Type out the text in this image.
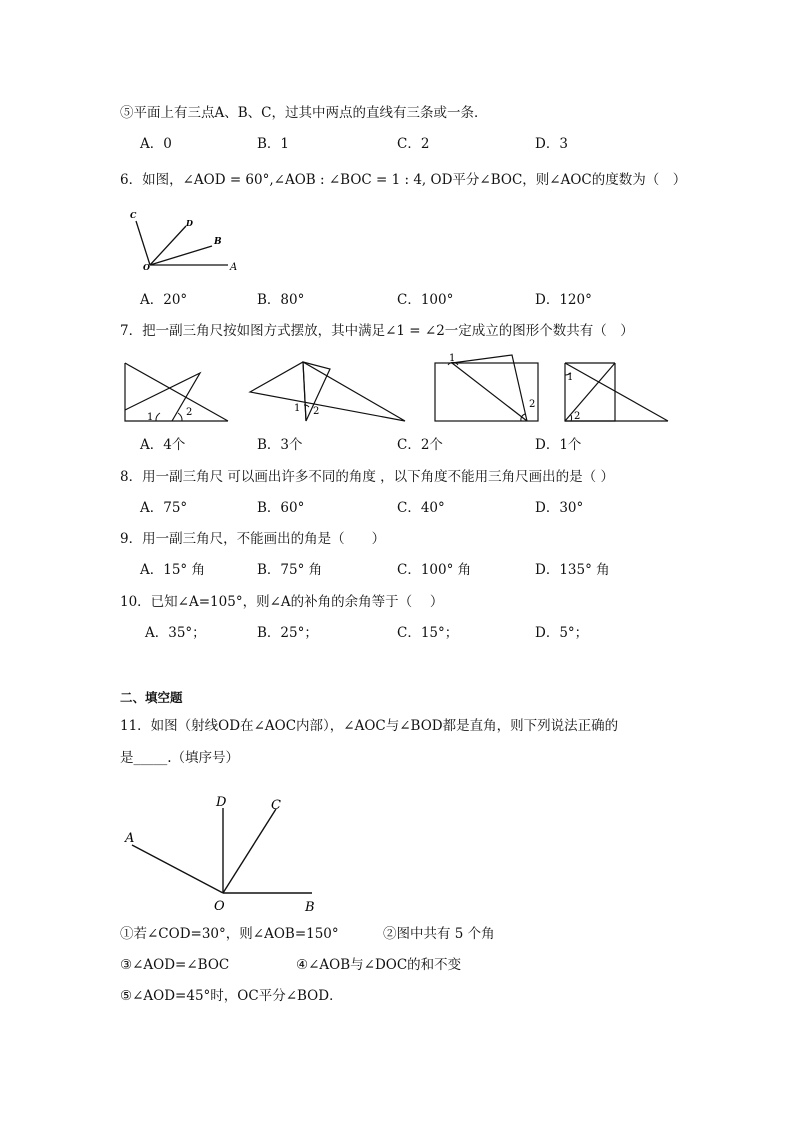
⑤平面上有三点A、B、C，过其中两点的直线有三条或一条．
A．0	B．1	C．2	D．3
6．如图，∠AOD = 60°,∠AOB : ∠BOC = 1 : 4, OD平分∠BOC，则∠AOC的度数为（　）
C
D
B
O	A
A．20°	B．80°	C．100°	D．120°
7．把一副三角尺按如图方式摆放，其中满足∠1 = ∠2一定成立的图形个数共有（　）
1	2	1 2
1
2
1
2
A．4个	B．3个	C．2个	D．1个
8．用一副三角尺 可以画出许多不同的角度 ，以下角度不能用三角尺画出的是（ ）
A．75°	B．60°	C．40°	D．30°
9．用一副三角尺，不能画出的角是（　　）
A．15° 角	B．75° 角	C．100° 角	D．135° 角
10．已知∠A=105°，则∠A的补角的余角等于（　 ）
A．35°；	B．25°；	C．15°；	D．5°；
二、填空题
11．如图（射线OD在∠AOC内部），∠AOC与∠BOD都是直角，则下列说法正确的
是_____.（填序号）
D	C
A
O	B
①若∠COD=30°，则∠AOB=150°	②图中共有 5 个角
③∠AOD=∠BOC	④∠AOB与∠DOC的和不变
⑤∠AOD=45°时，OC平分∠BOD．
